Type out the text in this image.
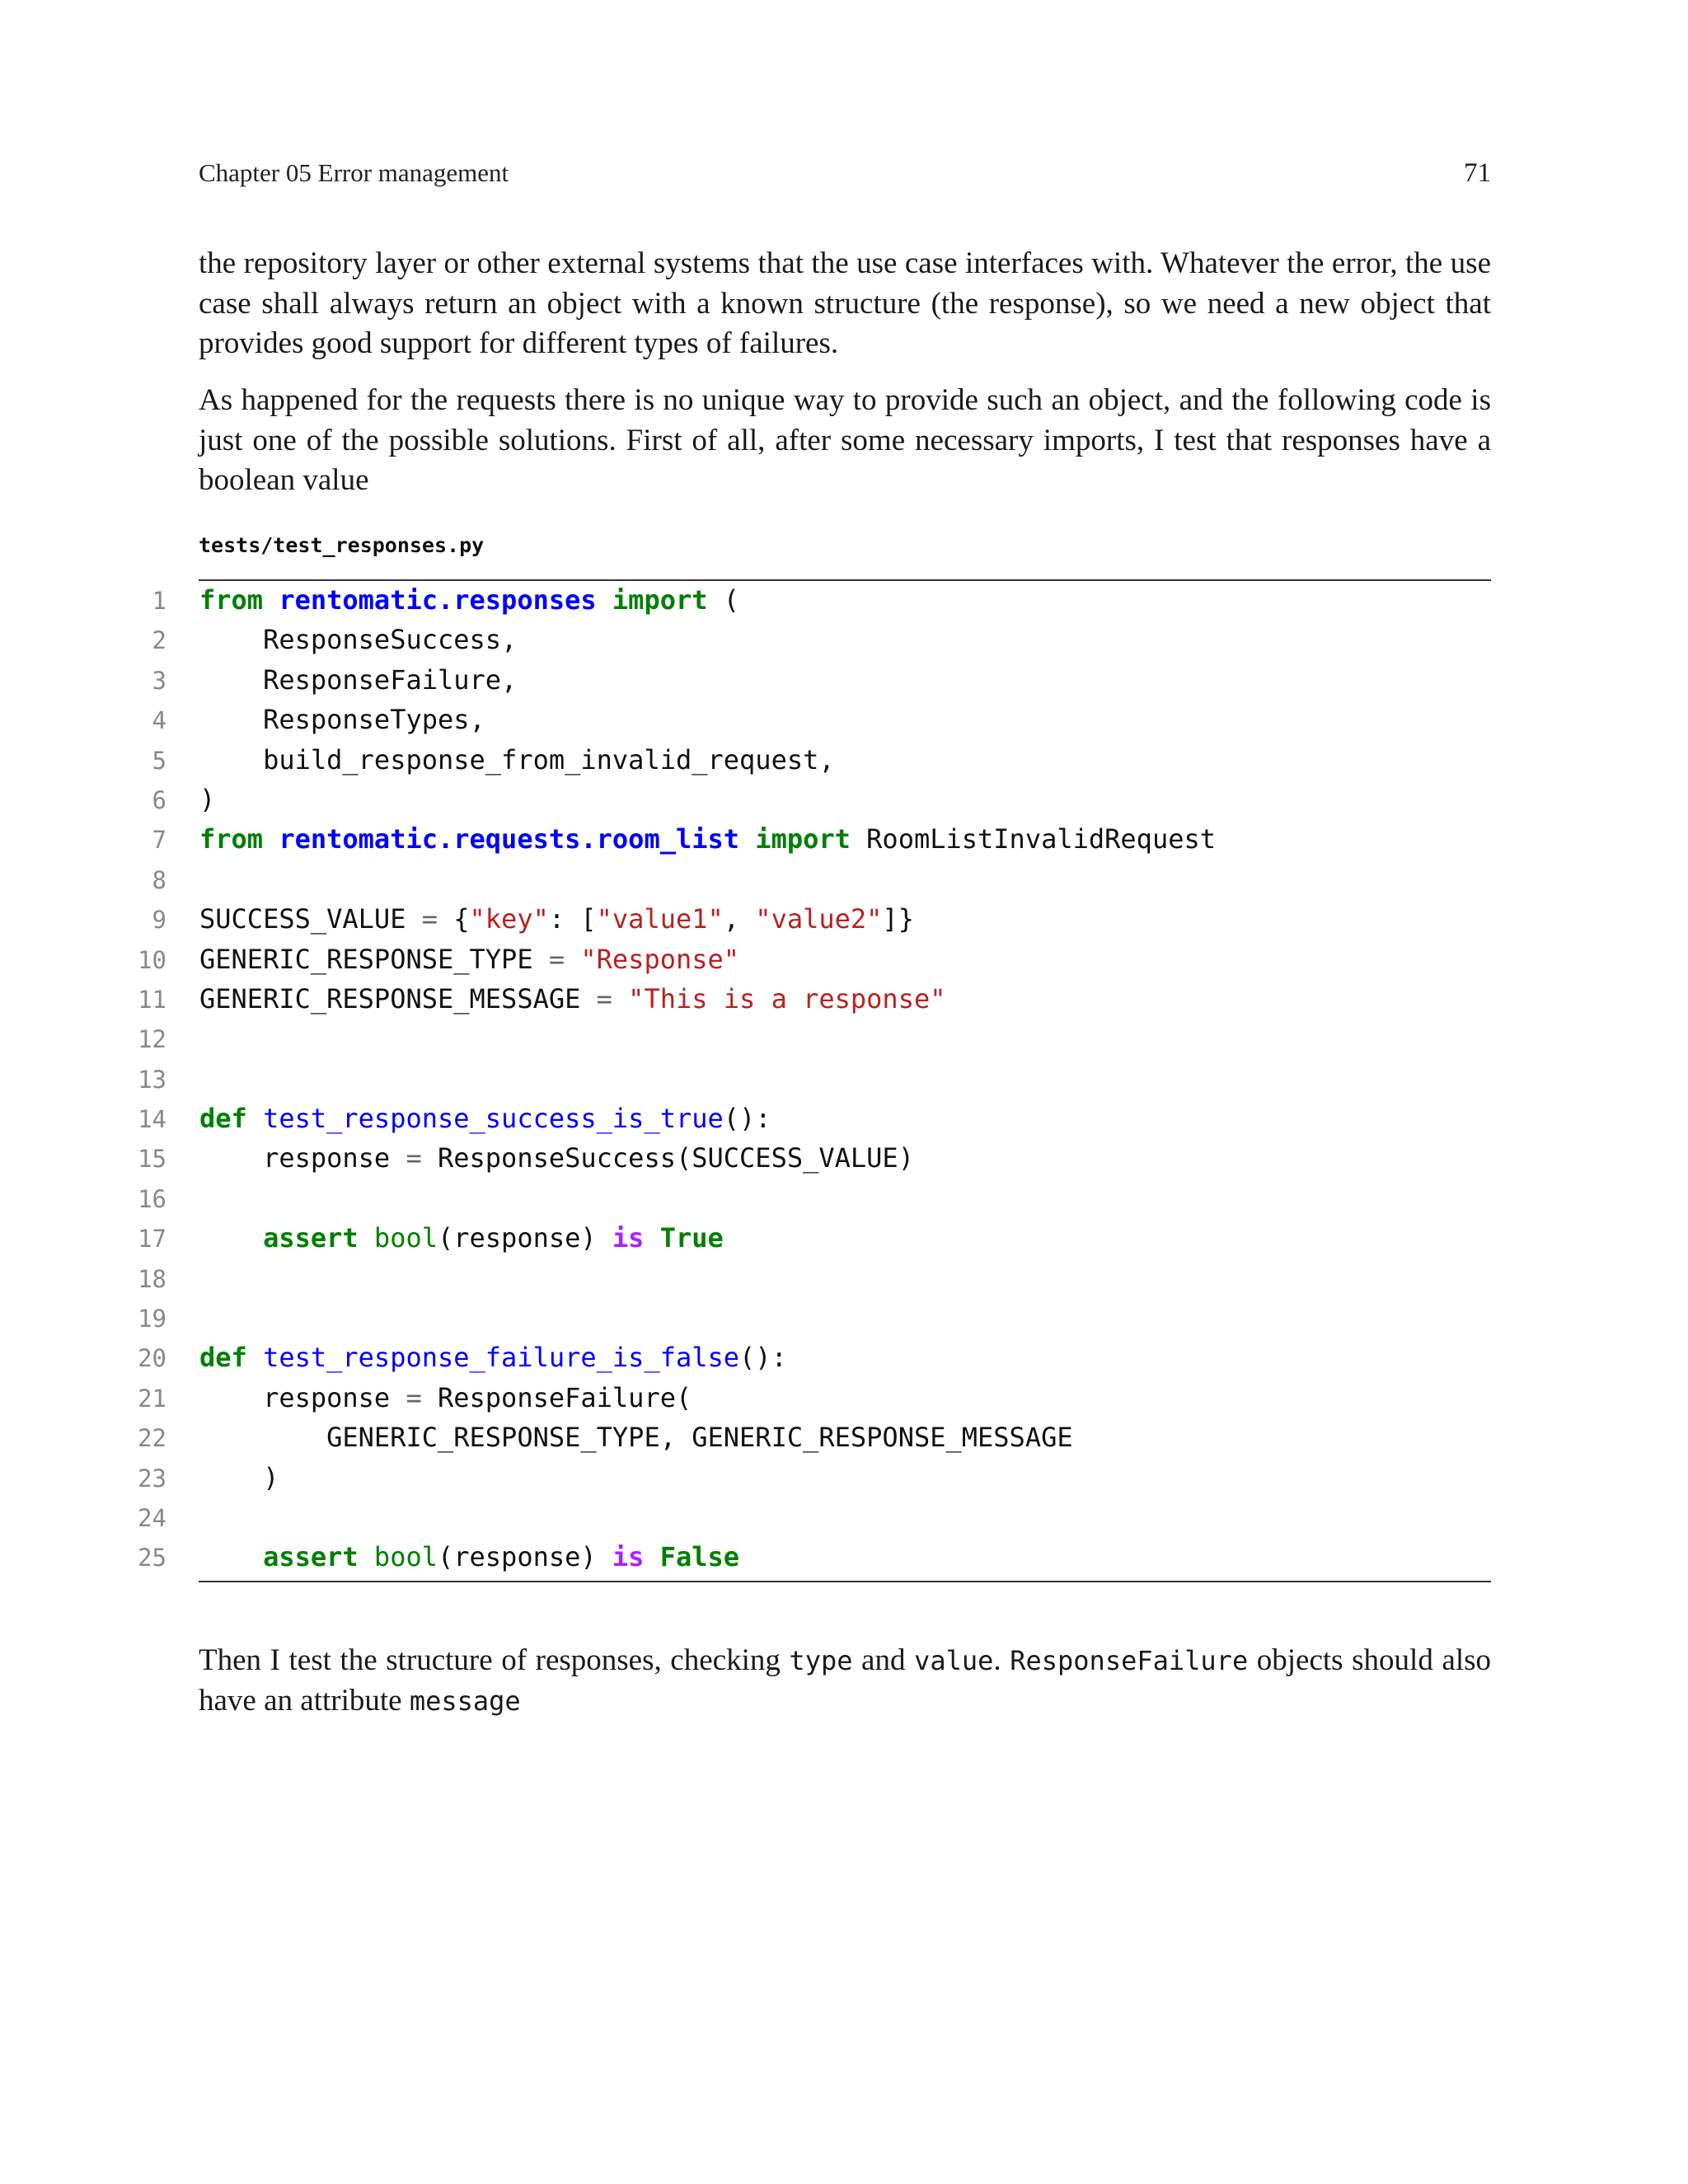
Chapter 05 Error management	71

the repository layer or other external systems that the use case interfaces with. Whatever the error, the use case shall always return an object with a known structure (the response), so we need a new object that provides good support for different types of failures.

As happened for the requests there is no unique way to provide such an object, and the following code is just one of the possible solutions. First of all, after some necessary imports, I test that responses have a boolean value

tests/test_responses.py
1 from rentomatic.responses import (
2 ResponseSuccess,
3 ResponseFailure,
4 ResponseTypes,
5 build_response_from_invalid_request,
6 )
7 from rentomatic.requests.room_list import RoomListInvalidRequest
8
9 SUCCESS_VALUE = {"key": ["value1", "value2"]}
10 GENERIC_RESPONSE_TYPE = "Response"
11 GENERIC_RESPONSE_MESSAGE = "This is a response"
12
13
14 def test_response_success_is_true():
15 response = ResponseSuccess(SUCCESS_VALUE)
16
17	assert bool(response) is True
18
19
20 def test_response_failure_is_false():
21 response = ResponseFailure(
22 GENERIC_RESPONSE_TYPE, GENERIC_RESPONSE_MESSAGE
23 )
24
25	assert bool(response) is False

Then I test the structure of responses, checking type and value. ResponseFailure objects should also have an attribute message
